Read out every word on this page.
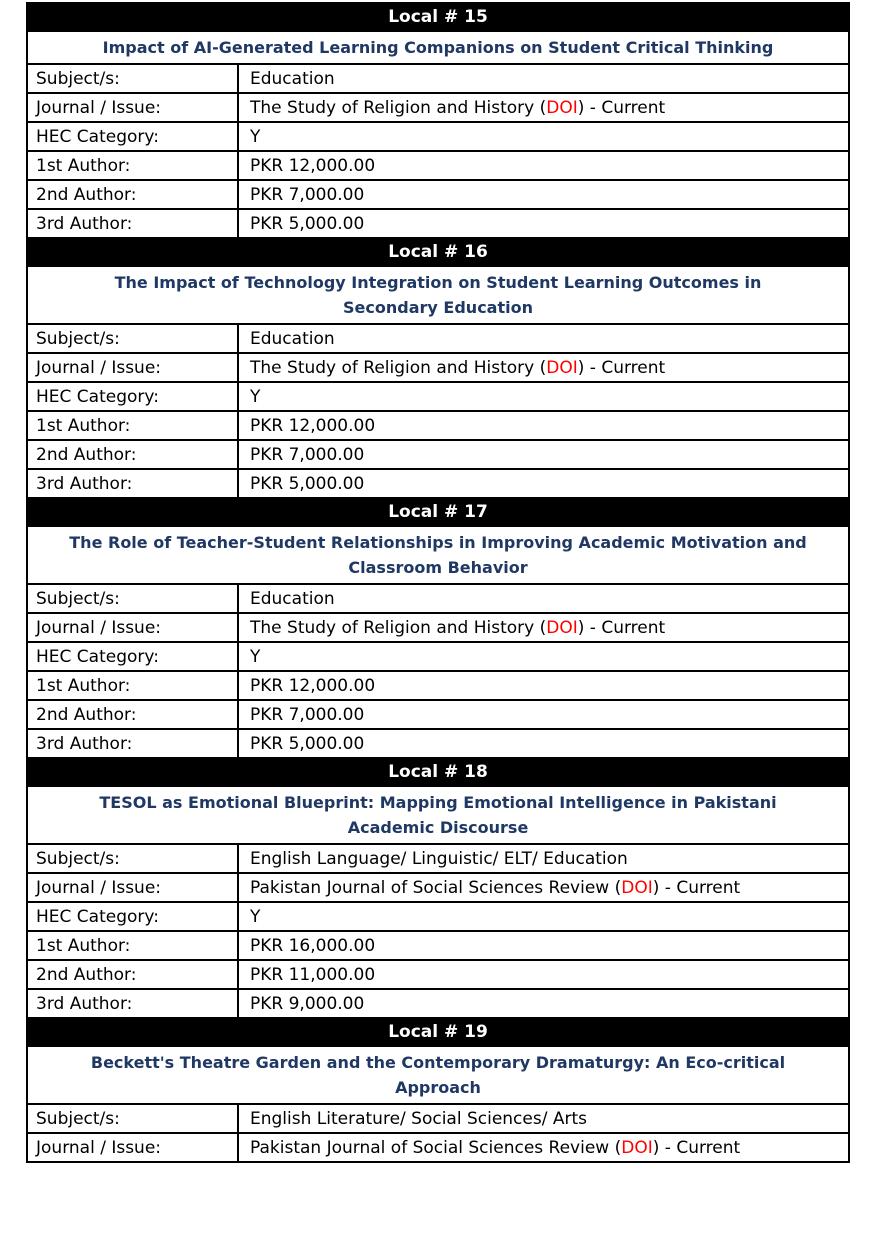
Local # 15	

Impact of AI-Generated Learning Companions on Student Critical Thinking	

Subject/s:	Education
Journal / Issue:	The Study of Religion and History (DOI) - Current
HEC Category:	Y
1st Author:	PKR 12,000.00
2nd Author:	PKR 7,000.00
3rd Author:	PKR 5,000.00
Local # 16	

The Impact of Technology Integration on Student Learning Outcomes in
Secondary Education	

Subject/s:	Education
Journal / Issue:	The Study of Religion and History (DOI) - Current
HEC Category:	Y
1st Author:	PKR 12,000.00
2nd Author:	PKR 7,000.00
3rd Author:	PKR 5,000.00
Local # 17	

The Role of Teacher-Student Relationships in Improving Academic Motivation and
Classroom Behavior	

Subject/s:	Education
Journal / Issue:	The Study of Religion and History (DOI) - Current
HEC Category:	Y
1st Author:	PKR 12,000.00
2nd Author:	PKR 7,000.00
3rd Author:	PKR 5,000.00
Local # 18	

TESOL as Emotional Blueprint: Mapping Emotional Intelligence in Pakistani
Academic Discourse	

Subject/s:	English Language/ Linguistic/ ELT/ Education
Journal / Issue:	Pakistan Journal of Social Sciences Review (DOI) - Current
HEC Category:	Y
1st Author:	PKR 16,000.00
2nd Author:	PKR 11,000.00
3rd Author:	PKR 9,000.00
Local # 19	

Beckett's Theatre Garden and the Contemporary Dramaturgy: An Eco-critical
Approach	

Subject/s:	English Literature/ Social Sciences/ Arts
Journal / Issue:	Pakistan Journal of Social Sciences Review (DOI) - Current
